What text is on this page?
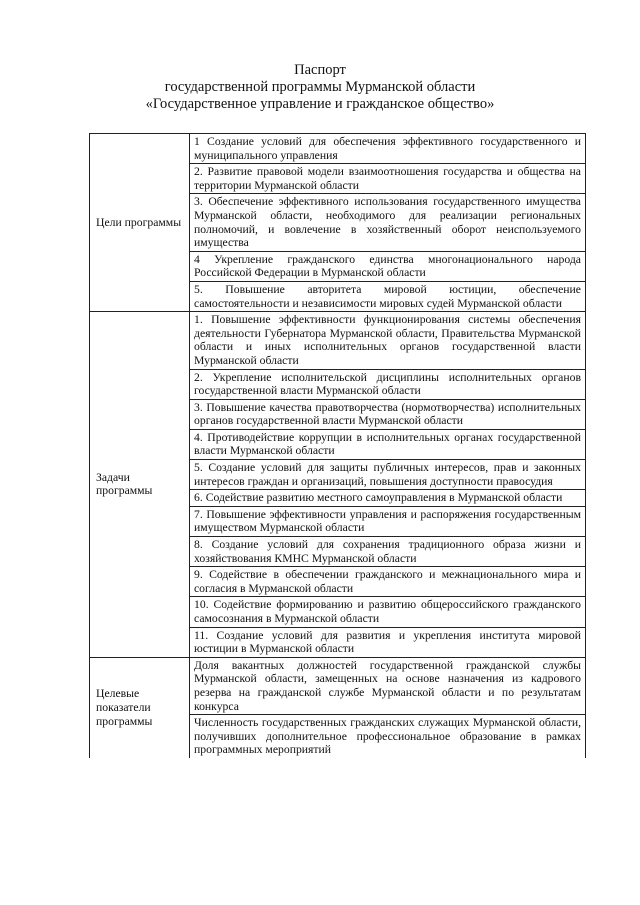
Паспорт
государственной программы Мурманской области
«Государственное управление и гражданское общество»
Цели программы	1 Создание условий для обеспечения эффективного государственного и муниципального управления
	2. Развитие правовой модели взаимоотношения государства и общества на территории Мурманской области
	3. Обеспечение эффективного использования государственного имущества Мурманской области, необходимого для реализации региональных полномочий, и вовлечение в хозяйственный оборот неиспользуемого имущества
	4 Укрепление гражданского единства многонационального народа Российской Федерации в Мурманской области
	5. Повышение авторитета мировой юстиции, обеспечение самостоятельности и независимости мировых судей Мурманской области
Задачи программы	1. Повышение эффективности функционирования системы обеспечения деятельности Губернатора Мурманской области, Правительства Мурманской области и иных исполнительных органов государственной власти Мурманской области
	2. Укрепление исполнительской дисциплины исполнительных органов государственной власти Мурманской области
	3. Повышение качества правотворчества (нормотворчества) исполнительных органов государственной власти Мурманской области
	4. Противодействие коррупции в исполнительных органах государственной власти Мурманской области
	5. Создание условий для защиты публичных интересов, прав и законных интересов граждан и организаций, повышения доступности правосудия
	6. Содействие развитию местного самоуправления в Мурманской области
	7. Повышение эффективности управления и распоряжения государственным имуществом Мурманской области
	8. Создание условий для сохранения традиционного образа жизни и хозяйствования КМНС Мурманской области
	9. Содействие в обеспечении гражданского и межнационального мира и согласия в Мурманской области
	10. Содействие формированию и развитию общероссийского гражданского самосознания в Мурманской области
	11. Создание условий для развития и укрепления института мировой юстиции в Мурманской области
Целевые показатели программы	Доля вакантных должностей государственной гражданской службы Мурманской области, замещенных на основе назначения из кадрового резерва на гражданской службе Мурманской области и по результатам конкурса
	Численность государственных гражданских служащих Мурманской области, получивших дополнительное профессиональное образование в рамках программных мероприятий
